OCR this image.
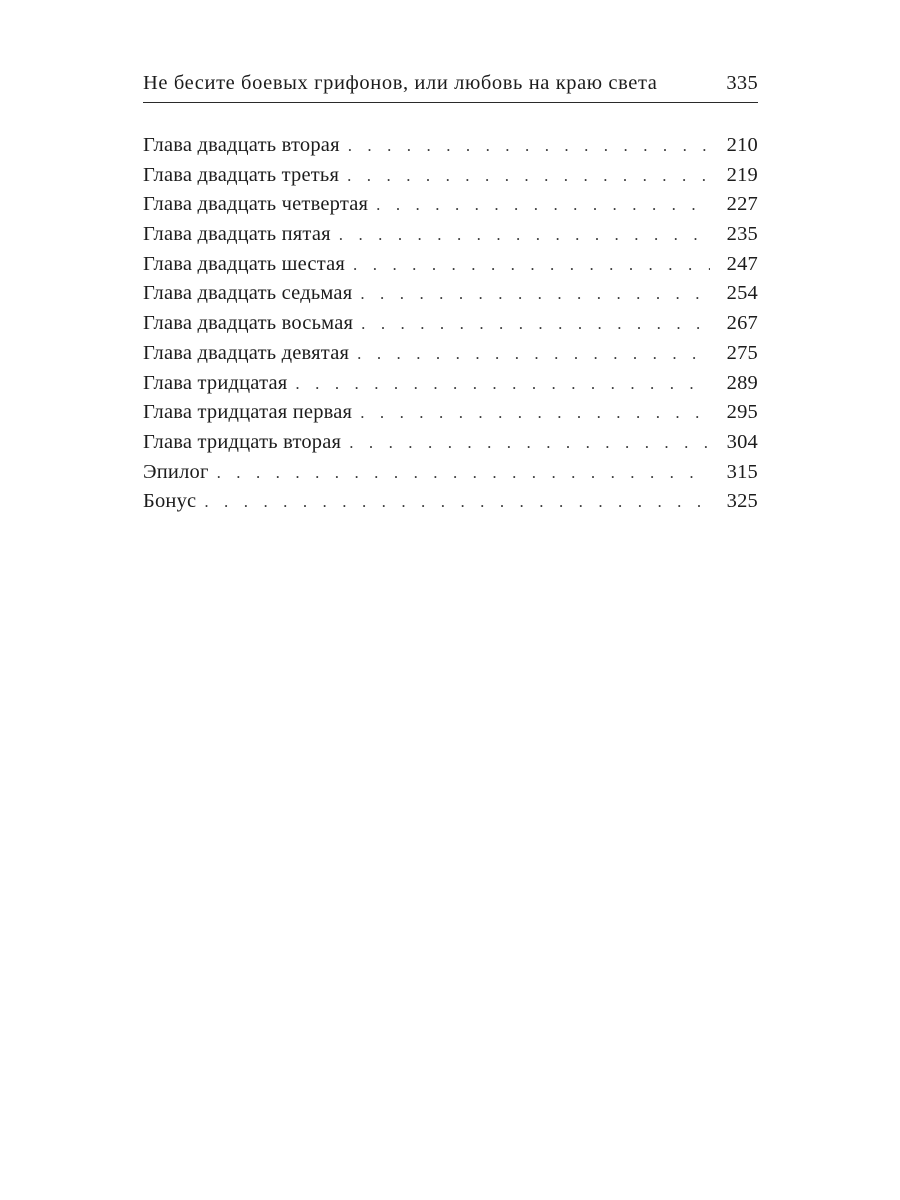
Не бесите боевых грифонов, или любовь на краю света	335
Глава двадцать вторая . . .	210
Глава двадцать третья . . .	219
Глава двадцать четвертая . . .	227
Глава двадцать пятая . . .	235
Глава двадцать шестая . . .	247
Глава двадцать седьмая . . .	254
Глава двадцать восьмая . . .	267
Глава двадцать девятая . . .	275
Глава тридцатая . . .	289
Глава тридцатая первая . . .	295
Глава тридцать вторая . . .	304
Эпилог . . .	315
Бонус . . .	325
